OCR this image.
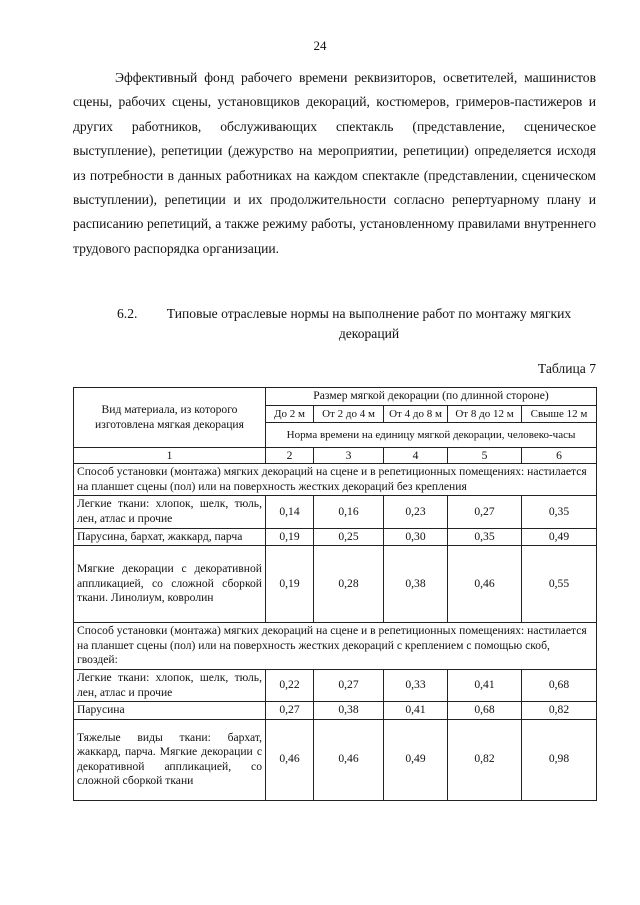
24

Эффективный фонд рабочего времени реквизиторов, осветителей, машинистов сцены, рабочих сцены, установщиков декораций, костюмеров, гримеров-пастижеров и других работников, обслуживающих спектакль (представление, сценическое выступление), репетиции (дежурство на мероприятии, репетиции) определяется исходя из потребности в данных работниках на каждом спектакле (представлении, сценическом выступлении), репетиции и их продолжительности согласно репертуарному плану и расписанию репетиций, а также режиму работы, установленному правилами внутреннего трудового распорядка организации.

6.2.	Типовые отраслевые нормы на выполнение работ по монтажу мягких декораций
Таблица 7
Вид материала, из которого изготовлена мягкая декорация	Размер мягкой декорации (по длинной стороне)				
	До 2 м	От 2 до 4 м	От 4 до 8 м	От 8 до 12 м	Свыше 12 м
	Норма времени на единицу мягкой декорации, человеко-часы				
1	2	3	4	5	6
Способ установки (монтажа) мягких декораций на сцене и в репетиционных помещениях: настилается на планшет сцены (пол) или на поверхность жестких декораций без крепления					
Легкие ткани: хлопок, шелк, тюль, лен, атлас и прочие	0,14	0,16	0,23	0,27	0,35
Парусина, бархат, жаккард, парча	0,19	0,25	0,30	0,35	0,49
Мягкие декорации с декоративной аппликацией, со сложной сборкой ткани. Линолиум, ковролин	0,19	0,28	0,38	0,46	0,55
Способ установки (монтажа) мягких декораций на сцене и в репетиционных помещениях: настилается на планшет сцены (пол) или на поверхность жестких декораций с креплением с помощью скоб, гвоздей:					
Легкие ткани: хлопок, шелк, тюль, лен, атлас и прочие	0,22	0,27	0,33	0,41	0,68
Парусина	0,27	0,38	0,41	0,68	0,82
Тяжелые виды ткани: бархат, жаккард, парча. Мягкие декорации с декоративной аппликацией, со сложной сборкой ткани	0,46	0,46	0,49	0,82	0,98
